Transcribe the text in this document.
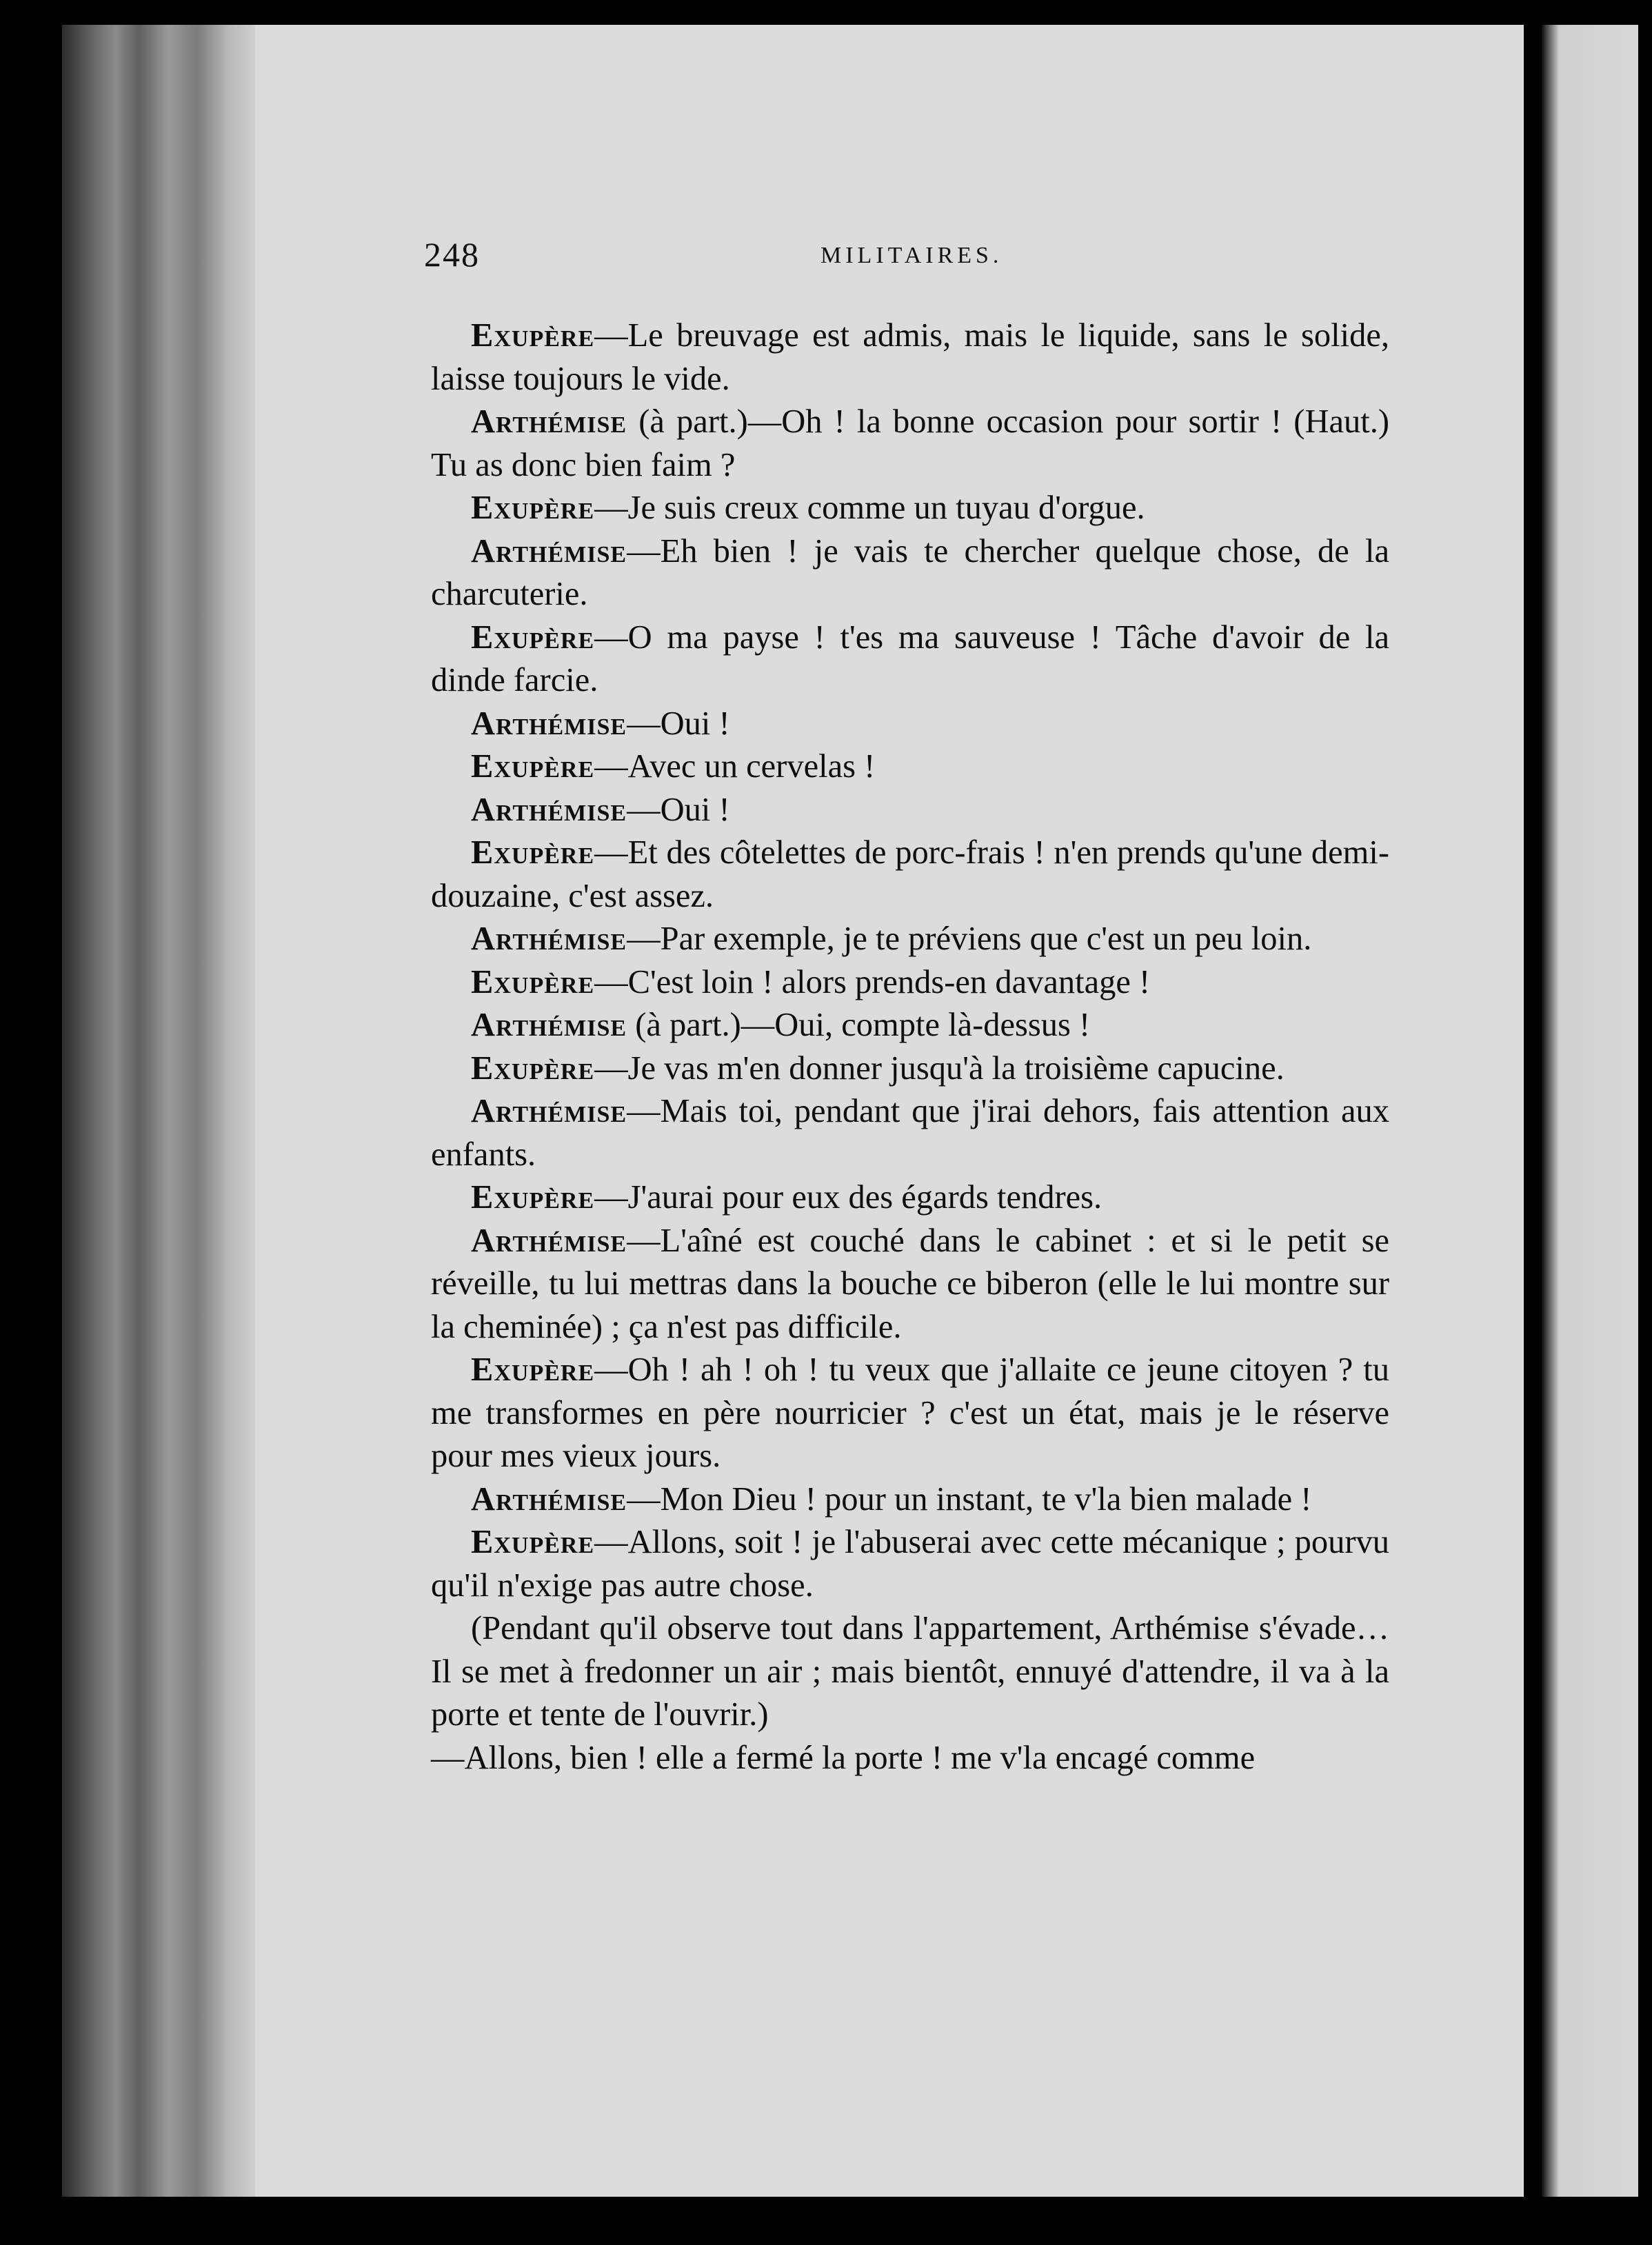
248	MILITAIRES.

Exupère—Le breuvage est admis, mais le liquide, sans le solide, laisse toujours le vide.

Arthémise (à part.)—Oh ! la bonne occasion pour sortir ! (Haut.) Tu as donc bien faim ?

Exupère—Je suis creux comme un tuyau d'orgue.

Arthémise—Eh bien ! je vais te chercher quelque chose, de la charcuterie.

Exupère—O ma payse ! t'es ma sauveuse ! Tâche d'avoir de la dinde farcie.

Arthémise—Oui !

Exupère—Avec un cervelas !

Arthémise—Oui !

Exupère—Et des côtelettes de porc-frais ! n'en prends qu'une demi-douzaine, c'est assez.

Arthémise—Par exemple, je te préviens que c'est un peu loin.

Exupère—C'est loin ! alors prends-en davantage !

Arthémise (à part.)—Oui, compte là-dessus !

Exupère—Je vas m'en donner jusqu'à la troisième capucine.

Arthémise—Mais toi, pendant que j'irai dehors, fais attention aux enfants.

Exupère—J'aurai pour eux des égards tendres.

Arthémise—L'aîné est couché dans le cabinet : et si le petit se réveille, tu lui mettras dans la bouche ce biberon (elle le lui montre sur la cheminée) ; ça n'est pas difficile.

Exupère—Oh ! ah ! oh ! tu veux que j'allaite ce jeune citoyen ? tu me transformes en père nourricier ? c'est un état, mais je le réserve pour mes vieux jours.

Arthémise—Mon Dieu ! pour un instant, te v'la bien malade !

Exupère—Allons, soit ! je l'abuserai avec cette mécanique ; pourvu qu'il n'exige pas autre chose.

(Pendant qu'il observe tout dans l'appartement, Arthémise s'évade… Il se met à fredonner un air ; mais bientôt, ennuyé d'attendre, il va à la porte et tente de l'ouvrir.)

—Allons, bien ! elle a fermé la porte ! me v'la encagé comme
